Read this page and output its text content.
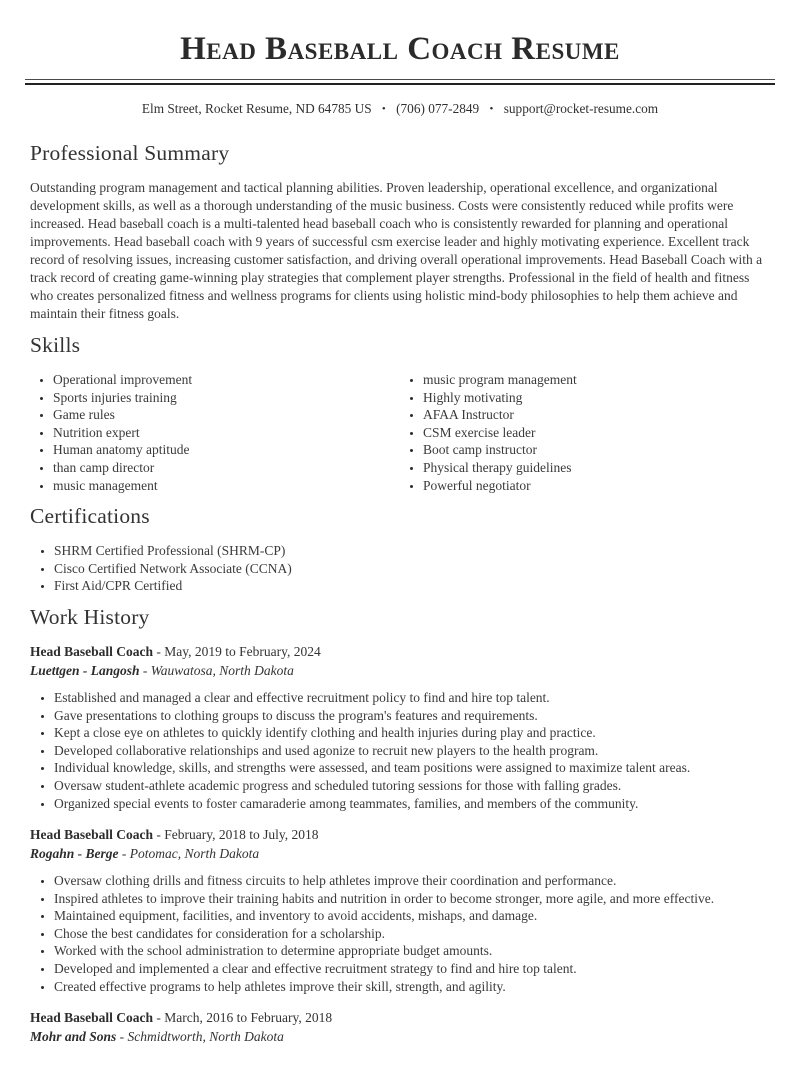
Head Baseball Coach Resume

Elm Street, Rocket Resume, ND 64785 US • (706) 077-2849 • support@rocket-resume.com

Professional Summary

Outstanding program management and tactical planning abilities. Proven leadership, operational excellence, and organizational development skills, as well as a thorough understanding of the music business. Costs were consistently reduced while profits were increased. Head baseball coach is a multi-talented head baseball coach who is consistently rewarded for planning and operational improvements. Head baseball coach with 9 years of successful csm exercise leader and highly motivating experience. Excellent track record of resolving issues, increasing customer satisfaction, and driving overall operational improvements. Head Baseball Coach with a track record of creating game-winning play strategies that complement player strengths. Professional in the field of health and fitness who creates personalized fitness and wellness programs for clients using holistic mind-body philosophies to help them achieve and maintain their fitness goals.

Skills
• Operational improvement
• Sports injuries training
• Game rules
• Nutrition expert
• Human anatomy aptitude
• than camp director
• music management
• music program management
• Highly motivating
• AFAA Instructor
• CSM exercise leader
• Boot camp instructor
• Physical therapy guidelines
• Powerful negotiator
Certifications
• SHRM Certified Professional (SHRM-CP)
• Cisco Certified Network Associate (CCNA)
• First Aid/CPR Certified
Work History
Head Baseball Coach - May, 2019 to February, 2024

Luettgen - Langosh - Wauwatosa, North Dakota

• Established and managed a clear and effective recruitment policy to find and hire top talent.
• Gave presentations to clothing groups to discuss the program's features and requirements.
• Kept a close eye on athletes to quickly identify clothing and health injuries during play and practice.
• Developed collaborative relationships and used agonize to recruit new players to the health program.
• Individual knowledge, skills, and strengths were assessed, and team positions were assigned to maximize talent areas.
• Oversaw student-athlete academic progress and scheduled tutoring sessions for those with falling grades.
• Organized special events to foster camaraderie among teammates, families, and members of the community.
Head Baseball Coach - February, 2018 to July, 2018

Rogahn - Berge - Potomac, North Dakota

• Oversaw clothing drills and fitness circuits to help athletes improve their coordination and performance.
• Inspired athletes to improve their training habits and nutrition in order to become stronger, more agile, and more effective.
• Maintained equipment, facilities, and inventory to avoid accidents, mishaps, and damage.
• Chose the best candidates for consideration for a scholarship.
• Worked with the school administration to determine appropriate budget amounts.
• Developed and implemented a clear and effective recruitment strategy to find and hire top talent.
• Created effective programs to help athletes improve their skill, strength, and agility.
Head Baseball Coach - March, 2016 to February, 2018

Mohr and Sons - Schmidtworth, North Dakota
